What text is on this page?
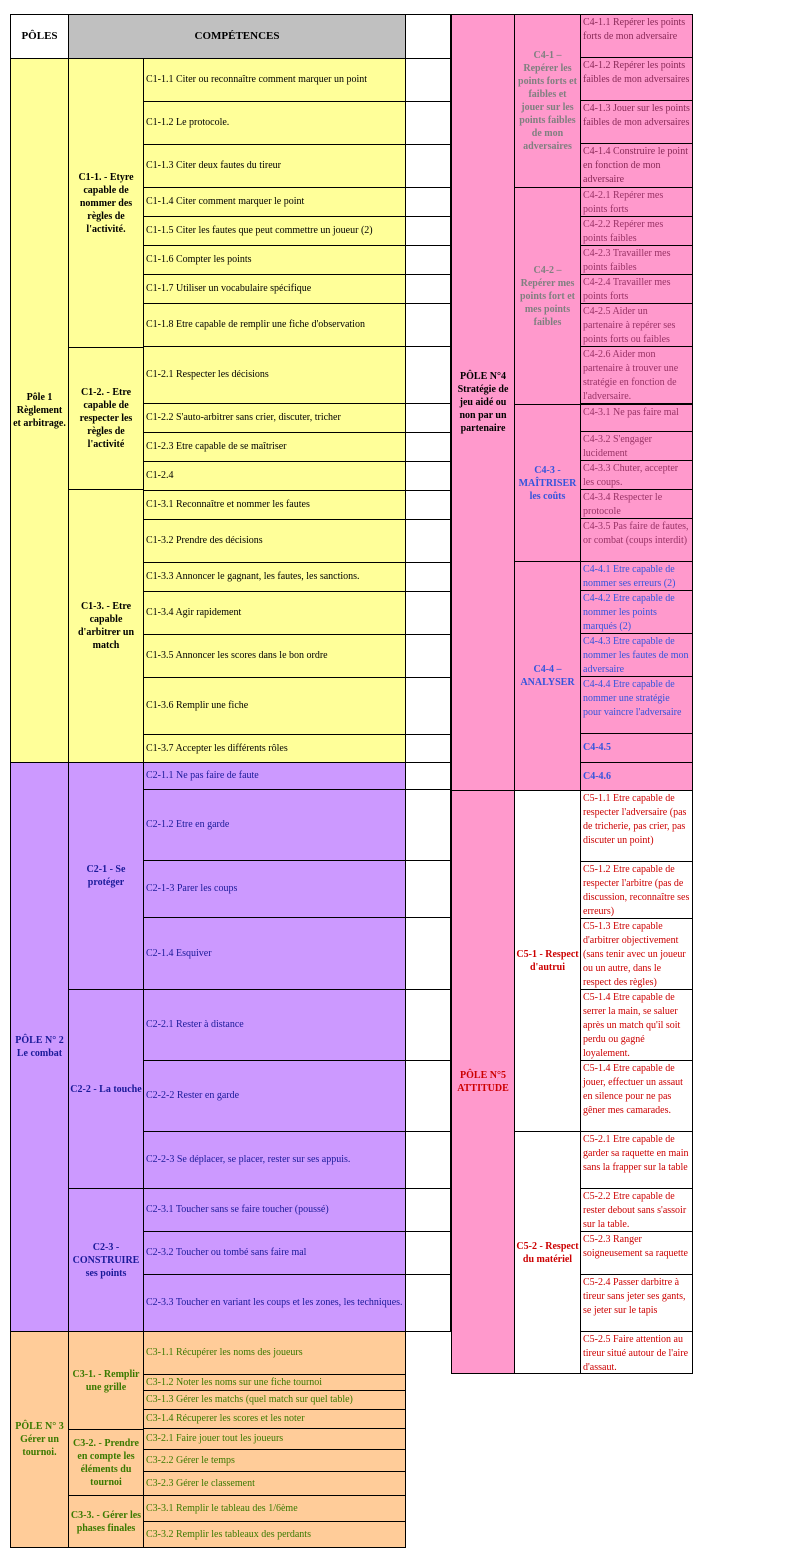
PÔLES	COMPÉTENCES
Pôle 1 Règlement et arbitrage.
C1-1. - Etyre capable de nommer des règles de l'activité.
C1-2. - Etre capable de respecter les règles de l'activité
C1-3. - Etre capable d'arbitrer un match
C1-1.1 Citer ou reconnaître comment marquer un point
C1-1.2 Le protocole.
C1-1.3 Citer deux fautes du tireur
C1-1.4 Citer comment marquer le point
C1-1.5 Citer les fautes que peut commettre un joueur (2)
C1-1.6 Compter les points
C1-1.7 Utiliser un vocabulaire spécifique
C1-1.8 Etre capable de remplir une fiche d'observation
C1-2.1 Respecter les décisions
C1-2.2 S'auto-arbitrer sans crier, discuter, tricher
C1-2.3 Etre capable de se maîtriser
C1-2.4
C1-3.1 Reconnaître et nommer les fautes
C1-3.2 Prendre des décisions
C1-3.3 Annoncer le gagnant, les fautes, les sanctions.
C1-3.4 Agir rapidement
C1-3.5 Annoncer les scores dans le bon ordre
C1-3.6 Remplir une fiche
C1-3.7 Accepter les différents rôles
C2-1.1 Ne pas faire de faute
C2-1.2 Etre en garde
C2-1-3 Parer les coups
C2-1.4 Esquiver
C2-2.1 Rester à distance
C2-2-2 Rester en garde
C2-2-3 Se déplacer, se placer, rester sur ses appuis.
C2-3.1 Toucher sans se faire toucher (poussé)
C2-3.2 Toucher ou tombé sans faire mal
C2-3.3 Toucher en variant les coups et les zones, les techniques.
C3-1.1 Récupérer les noms des joueurs
C3-1.2 Noter les noms sur une fiche tournoi
C3-1.3 Gérer les matchs (quel match sur quel table)
C3-1.4 Récuperer les scores et les noter
C3-2.1 Faire jouer tout les joueurs
C3-2.2 Gérer le temps
C3-2.3 Gérer le classement
C3-3.1 Remplir le tableau des 1/6ème
C3-3.2 Remplir les tableaux des perdants
PÔLE N° 2 Le combat
C2-1 - Se protéger
C2-2 - La touche
C2-3 - CONSTRUIRE ses points
PÔLE N° 3 Gérer un tournoi.
C3-1. - Remplir une grille
C3-2. - Prendre en compte les éléments du tournoi
C3-3. - Gérer les phases finales
PÔLE N°4 Stratégie de jeu aidé ou non par un partenaire
C4-1 – Repérer les points forts et faibles et jouer sur les points faibles de mon adversaires
C4-2 – Repérer mes points fort et mes points faibles
C4-3 - MAÎTRISER les coûts
C4-4 – ANALYSER
PÔLE N°5 ATTITUDE
C5-1 - Respect d'autrui
C5-2 - Respect du matériel
C4-1.1 Repérer les points forts de mon adversaire
C4-1.2 Repérer les points faibles de mon adversaires
C4-1.3 Jouer sur les points faibles de mon adversaires
C4-1.4 Construire le point en fonction de mon adversaire
C4-2.1 Repérer mes points forts
C4-2.2 Repérer mes points faibles
C4-2.3 Travailler mes points faibles
C4-2.4 Travailler mes points forts
C4-2.5 Aider un partenaire à repérer ses points forts ou faibles
C4-2.6 Aider mon partenaire à trouver une stratégie en fonction de l'adversaire.
C4-3.1 Ne pas faire mal
C4-3.2 S'engager lucidement
C4-3.3 Chuter, accepter les coups.
C4-3.4 Respecter le protocole
C4-3.5 Pas faire de fautes, or combat (coups interdit)
C4-4.1 Etre capable de nommer ses erreurs (2)
C4-4.2 Etre capable de nommer les points marqués (2)
C4-4.3 Etre capable de nommer les fautes de mon adversaire
C4-4.4 Etre capable de nommer une stratégie pour vaincre l'adversaire
C4-4.5
C4-4.6
C5-1.1 Etre capable de respecter l'adversaire (pas de tricherie, pas crier, pas discuter un point)
C5-1.2 Etre capable de respecter l'arbitre (pas de discussion, reconnaître ses erreurs)
C5-1.3 Etre capable d'arbitrer objectivement (sans tenir avec un joueur ou un autre, dans le respect des règles)
C5-1.4 Etre capable de serrer la main, se saluer après un match qu'il soit perdu ou gagné loyalement.
C5-1.4 Etre capable de jouer, effectuer un assaut en silence pour ne pas gêner mes camarades.
C5-2.1 Etre capable de garder sa raquette en main sans la frapper sur la table
C5-2.2 Etre capable de rester debout sans s'assoir sur la table.
C5-2.3 Ranger soigneusement sa raquette
C5-2.4 Passer darbitre à tireur sans jeter ses gants, se jeter sur le tapis
C5-2.5 Faire attention au tireur situé autour de l'aire d'assaut.
